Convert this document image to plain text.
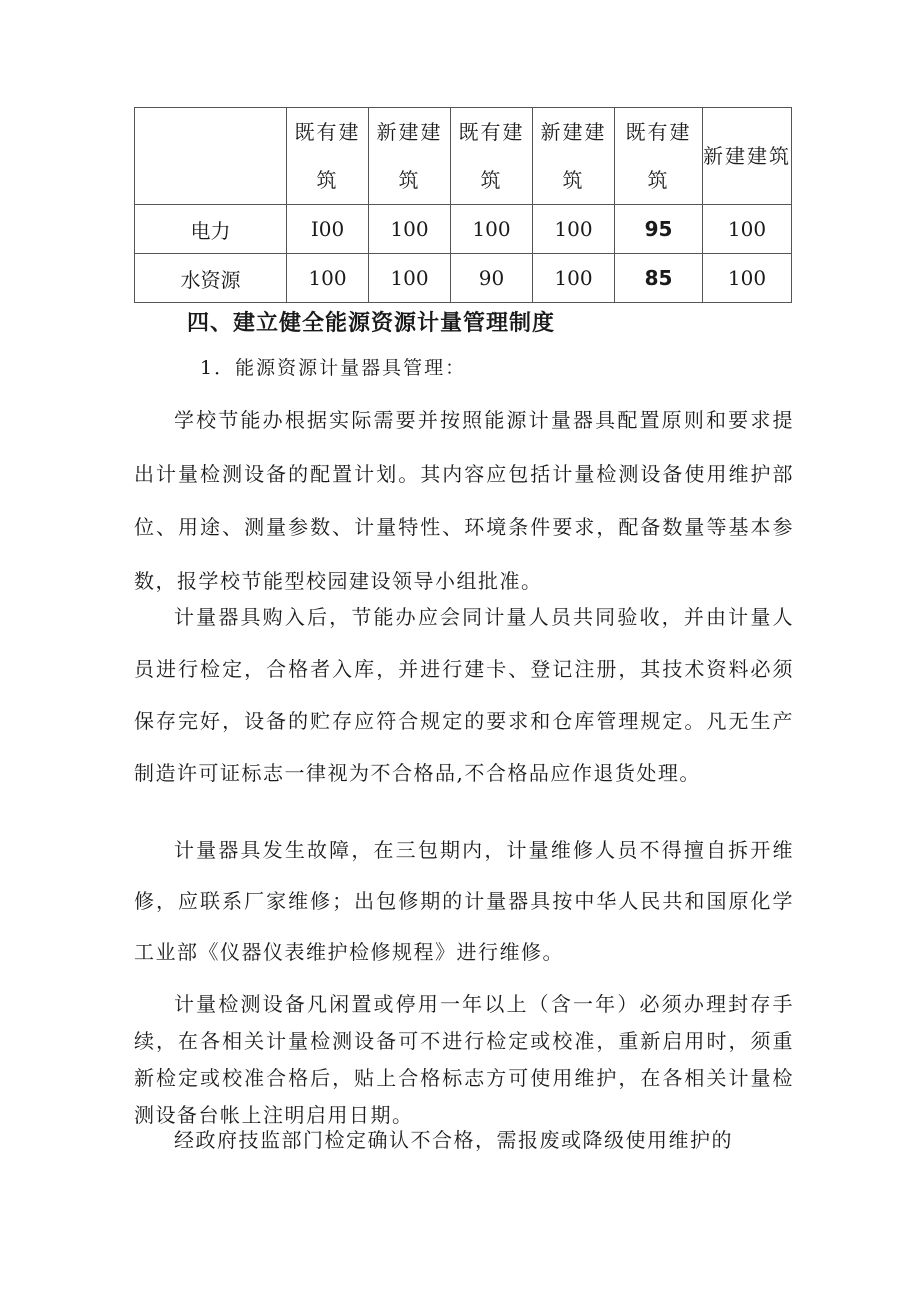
	既有建筑	新建建筑	既有建筑	新建建筑	既有建筑	新建建筑
电力	I00	100	100	100	95	100
水资源	100	100	90	100	85	100
四、建立健全能源资源计量管理制度
1．能源资源计量器具管理：

学校节能办根据实际需要并按照能源计量器具配置原则和要求提出计量检测设备的配置计划。其内容应包括计量检测设备使用维护部位、用途、测量参数、计量特性、环境条件要求，配备数量等基本参数，报学校节能型校园建设领导小组批准。

计量器具购入后，节能办应会同计量人员共同验收，并由计量人员进行检定，合格者入库，并进行建卡、登记注册，其技术资料必须保存完好，设备的贮存应符合规定的要求和仓库管理规定。凡无生产制造许可证标志一律视为不合格品,不合格品应作退货处理。

计量器具发生故障，在三包期内，计量维修人员不得擅自拆开维修，应联系厂家维修；出包修期的计量器具按中华人民共和国原化学工业部《仪器仪表维护检修规程》进行维修。

计量检测设备凡闲置或停用一年以上（含一年）必须办理封存手续，在各相关计量检测设备可不进行检定或校准，重新启用时，须重新检定或校准合格后，贴上合格标志方可使用维护，在各相关计量检测设备台帐上注明启用日期。

经政府技监部门检定确认不合格，需报废或降级使用维护的
